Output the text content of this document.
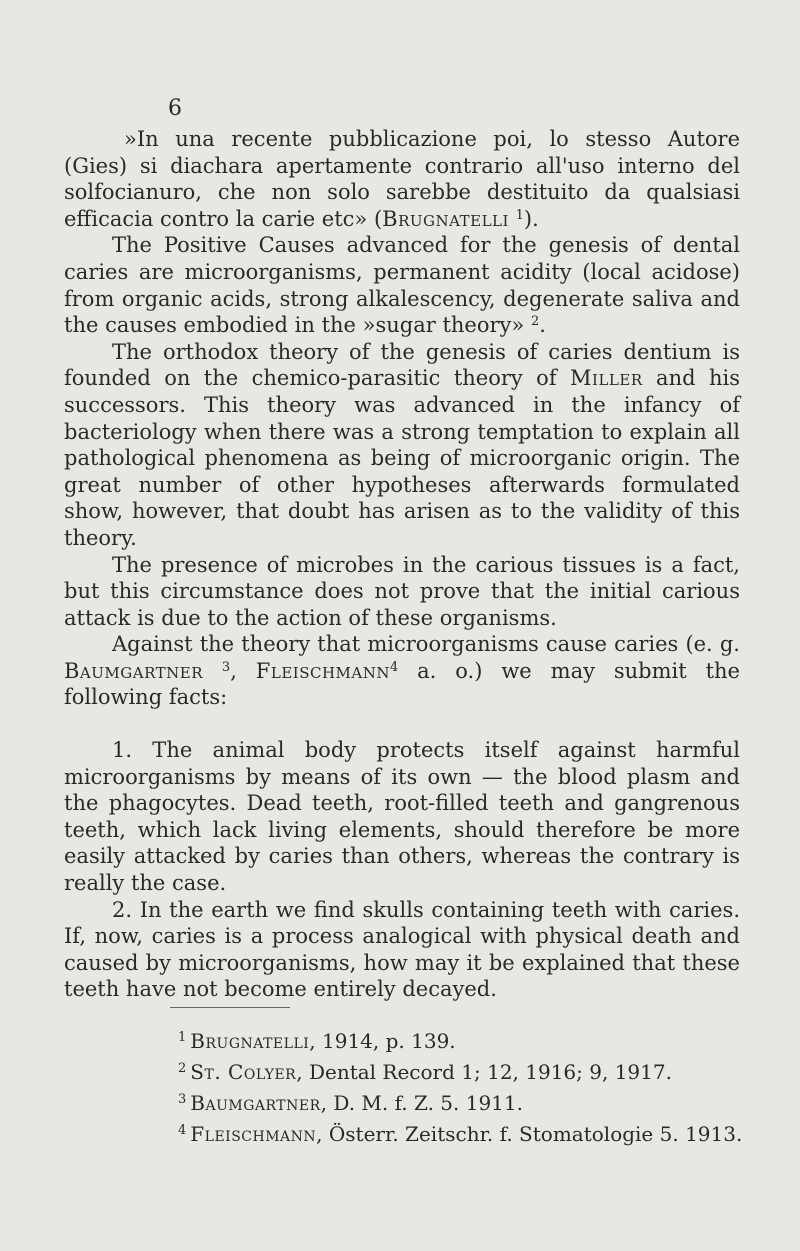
6

»In una recente pubblicazione poi, lo stesso Autore (Gies) si diachara apertamente contrario all'uso interno del solfocianuro, che non solo sarebbe destituito da qualsiasi efficacia contro la carie etc» (Brugnatelli $^1$).

The Positive Causes advanced for the genesis of dental caries are microorganisms, permanent acidity (local acidose) from organic acids, strong alkalescency, degenerate saliva and the causes embodied in the »sugar theory» $^2$.

The orthodox theory of the genesis of caries dentium is founded on the chemico-parasitic theory of Miller and his successors. This theory was advanced in the infancy of bacteriology when there was a strong temptation to explain all pathological phenomena as being of microorganic origin. The great number of other hypotheses afterwards formulated show, however, that doubt has arisen as to the validity of this theory.

The presence of microbes in the carious tissues is a fact, but this circumstance does not prove that the initial carious attack is due to the action of these organisms.

Against the theory that microorganisms cause caries (e. g. Baumgartner $^3$, Fleischmann$^4$ a. o.) we may submit the following facts:

1. The animal body protects itself against harmful microorganisms by means of its own — the blood plasm and the phagocytes. Dead teeth, root-filled teeth and gangrenous teeth, which lack living elements, should therefore be more easily attacked by caries than others, whereas the contrary is really the case.

2. In the earth we find skulls containing teeth with caries. If, now, caries is a process analogical with physical death and caused by microorganisms, how may it be explained that these teeth have not become entirely decayed.

$^1$ Brugnatelli, 1914, p. 139.
$^2$ St. Colyer, Dental Record 1; 12, 1916; 9, 1917.
$^3$ Baumgartner, D. M. f. Z. 5. 1911.
$^4$ Fleischmann, Österr. Zeitschr. f. Stomatologie 5. 1913.
